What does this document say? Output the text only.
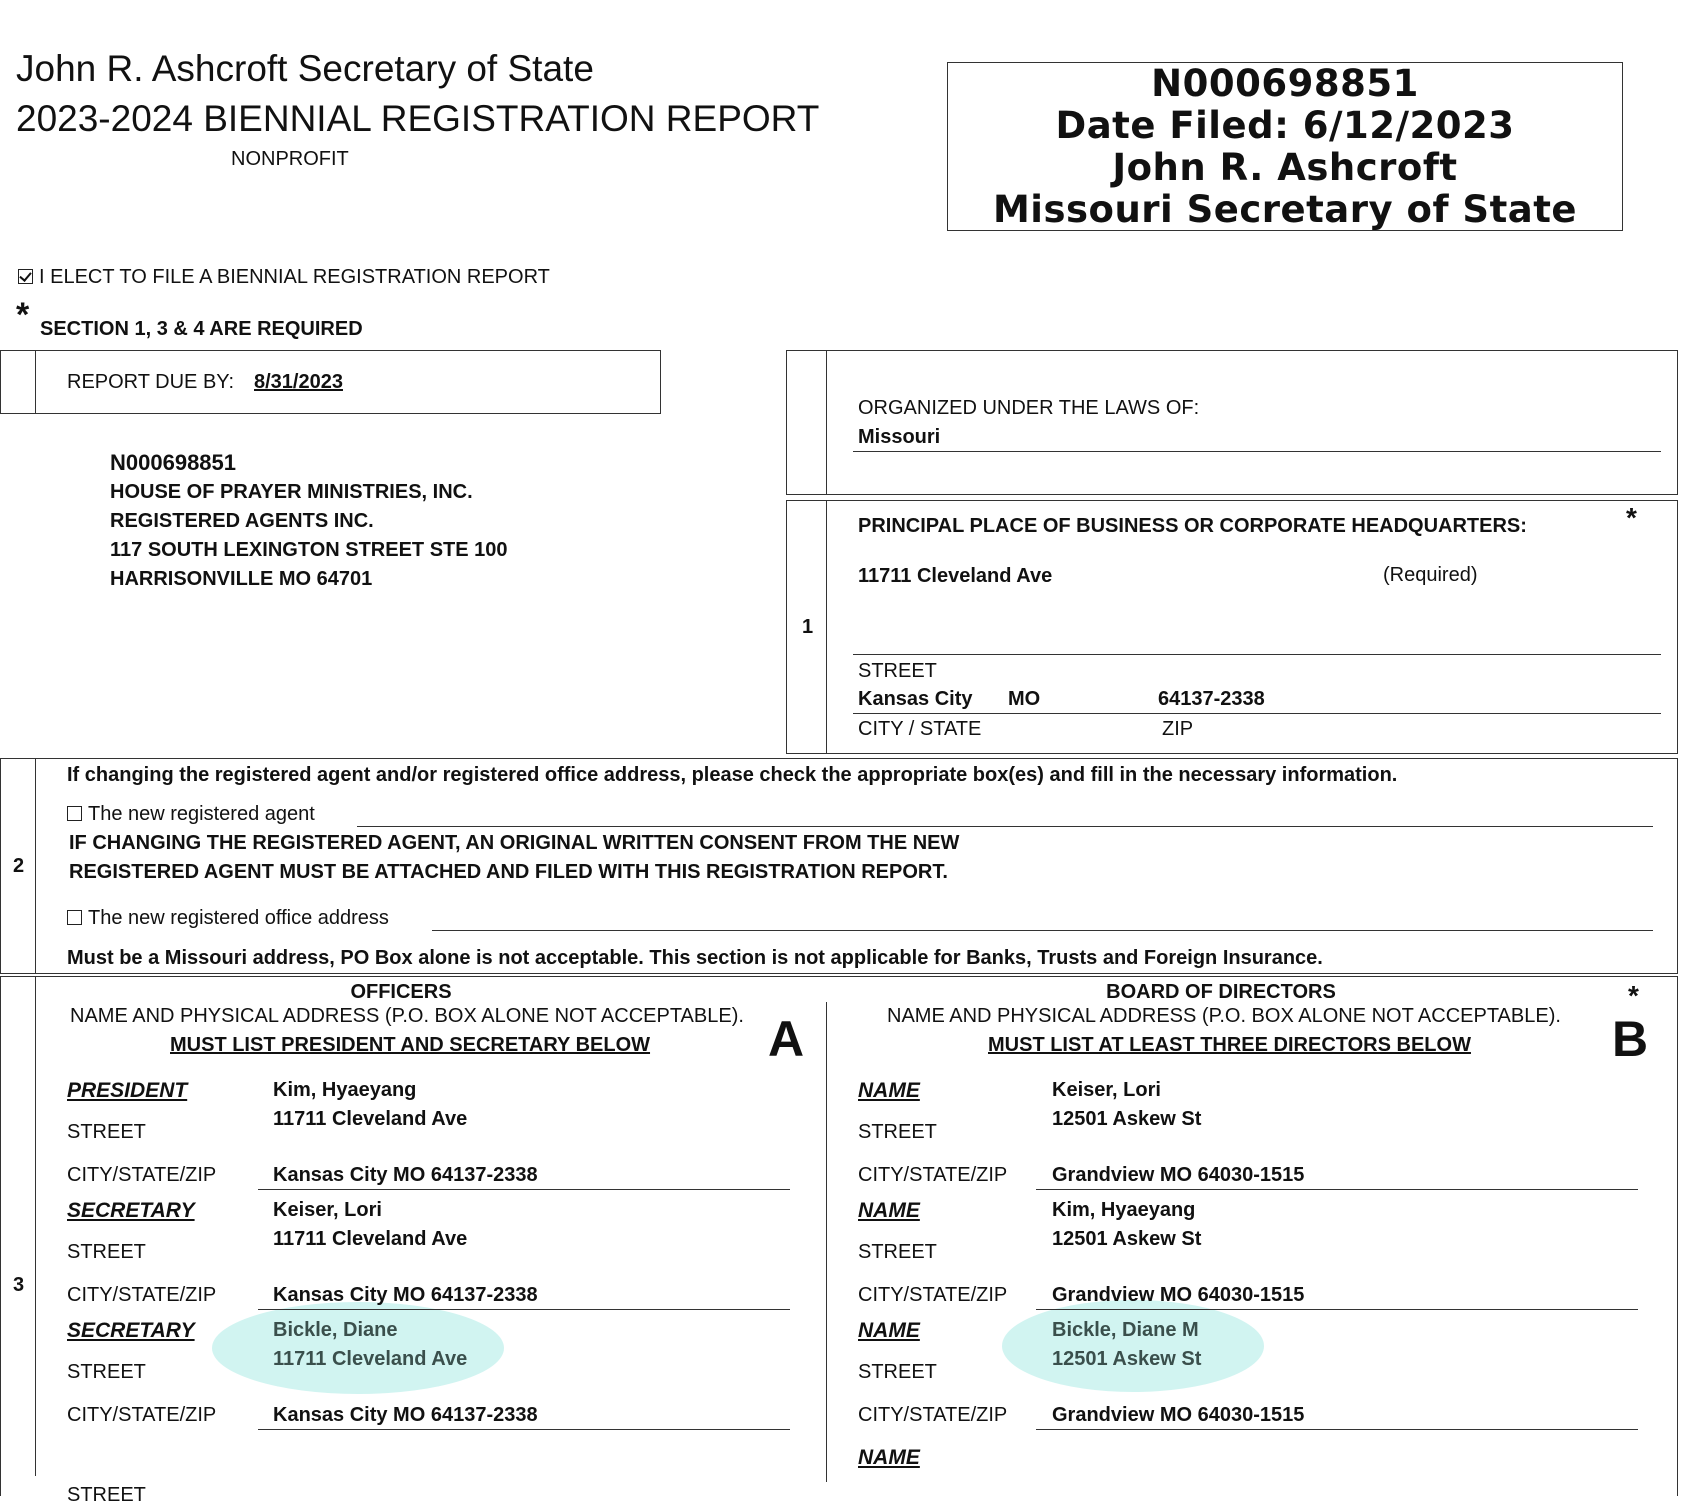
John R. Ashcroft Secretary of State
2023-2024 BIENNIAL REGISTRATION REPORT
NONPROFIT
N000698851
Date Filed: 6/12/2023
John R. Ashcroft
Missouri Secretary of State
I ELECT TO FILE A BIENNIAL REGISTRATION REPORT
* SECTION 1, 3 & 4 ARE REQUIRED
REPORT DUE BY: 8/31/2023
N000698851
HOUSE OF PRAYER MINISTRIES, INC.
REGISTERED AGENTS INC.
117 SOUTH LEXINGTON STREET STE 100
HARRISONVILLE MO 64701
ORGANIZED UNDER THE LAWS OF:
Missouri
1
PRINCIPAL PLACE OF BUSINESS OR CORPORATE HEADQUARTERS:	*
11711 Cleveland Ave	(Required)
STREET
Kansas City MO	64137-2338
CITY / STATE	ZIP
2
If changing the registered agent and/or registered office address, please check the appropriate box(es) and fill in the necessary information.
The new registered agent
IF CHANGING THE REGISTERED AGENT, AN ORIGINAL WRITTEN CONSENT FROM THE NEW
REGISTERED AGENT MUST BE ATTACHED AND FILED WITH THIS REGISTRATION REPORT.
The new registered office address
Must be a Missouri address, PO Box alone is not acceptable. This section is not applicable for Banks, Trusts and Foreign Insurance.
3
OFFICERS
NAME AND PHYSICAL ADDRESS (P.O. BOX ALONE NOT ACCEPTABLE).
MUST LIST PRESIDENT AND SECRETARY BELOW A
PRESIDENT	Kim, Hyaeyang
11711 Cleveland Ave
STREET
CITY/STATE/ZIP	Kansas City MO 64137-2338
SECRETARY	Keiser, Lori
11711 Cleveland Ave
STREET
CITY/STATE/ZIP	Kansas City MO 64137-2338
SECRETARY	Bickle, Diane
11711 Cleveland Ave
STREET
CITY/STATE/ZIP	Kansas City MO 64137-2338
STREET
BOARD OF DIRECTORS	*
NAME AND PHYSICAL ADDRESS (P.O. BOX ALONE NOT ACCEPTABLE).
MUST LIST AT LEAST THREE DIRECTORS BELOW	B
NAME	Keiser, Lori
12501 Askew St
STREET
CITY/STATE/ZIP Grandview MO 64030-1515
NAME	Kim, Hyaeyang
12501 Askew St
STREET
CITY/STATE/ZIP Grandview MO 64030-1515
NAME	Bickle, Diane M
12501 Askew St
STREET
CITY/STATE/ZIP Grandview MO 64030-1515
NAME
